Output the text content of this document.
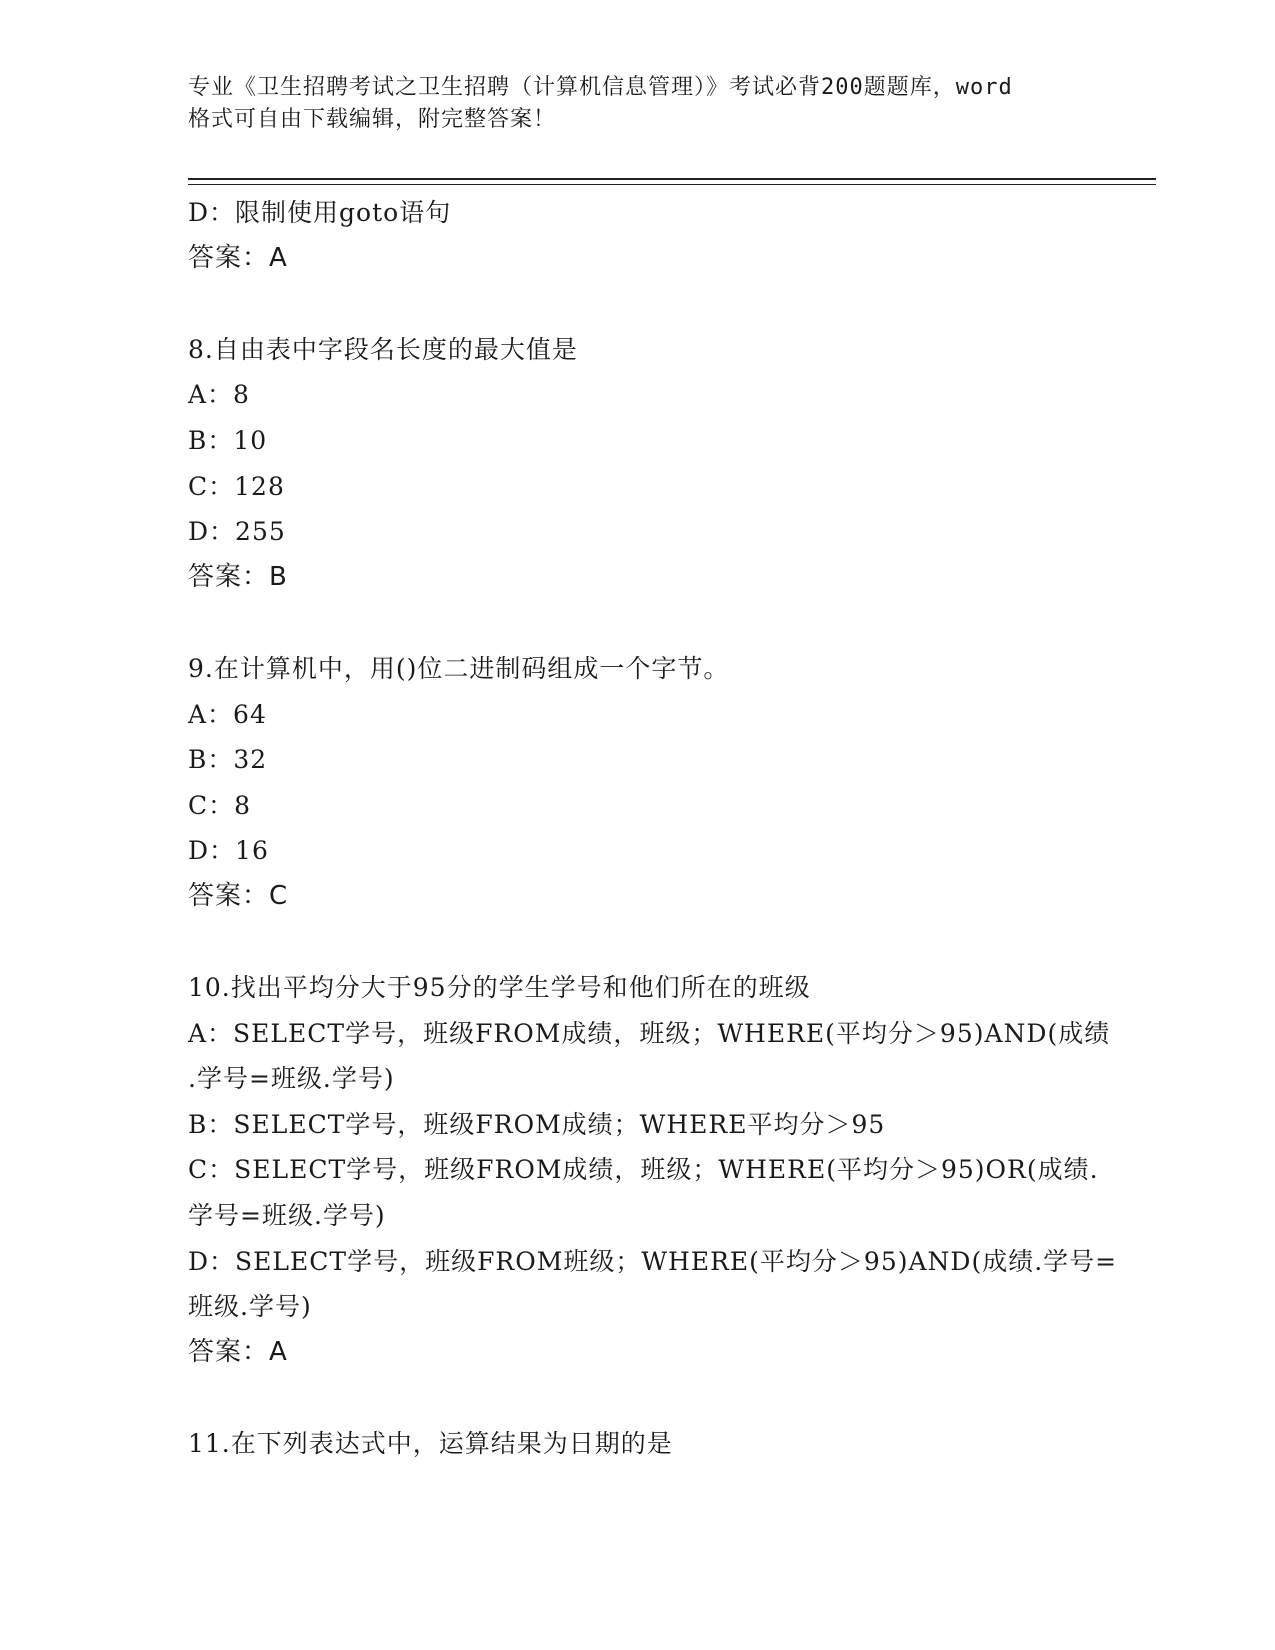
专业《卫生招聘考试之卫生招聘（计算机信息管理）》考试必背200题题库，word
格式可自由下载编辑，附完整答案！
D：限制使用goto语句
答案：A
8.自由表中字段名长度的最大值是
A：8
B：10
C：128
D：255
答案：B
9.在计算机中，用()位二进制码组成一个字节。
A：64
B：32
C：8
D：16
答案：C
10.找出平均分大于95分的学生学号和他们所在的班级
A：SELECT学号，班级FROM成绩，班级；WHERE(平均分＞95)AND(成绩
.学号=班级.学号)
B：SELECT学号，班级FROM成绩；WHERE平均分＞95
C：SELECT学号，班级FROM成绩，班级；WHERE(平均分＞95)OR(成绩.
学号=班级.学号)
D：SELECT学号，班级FROM班级；WHERE(平均分＞95)AND(成绩.学号=
班级.学号)
答案：A
11.在下列表达式中，运算结果为日期的是
